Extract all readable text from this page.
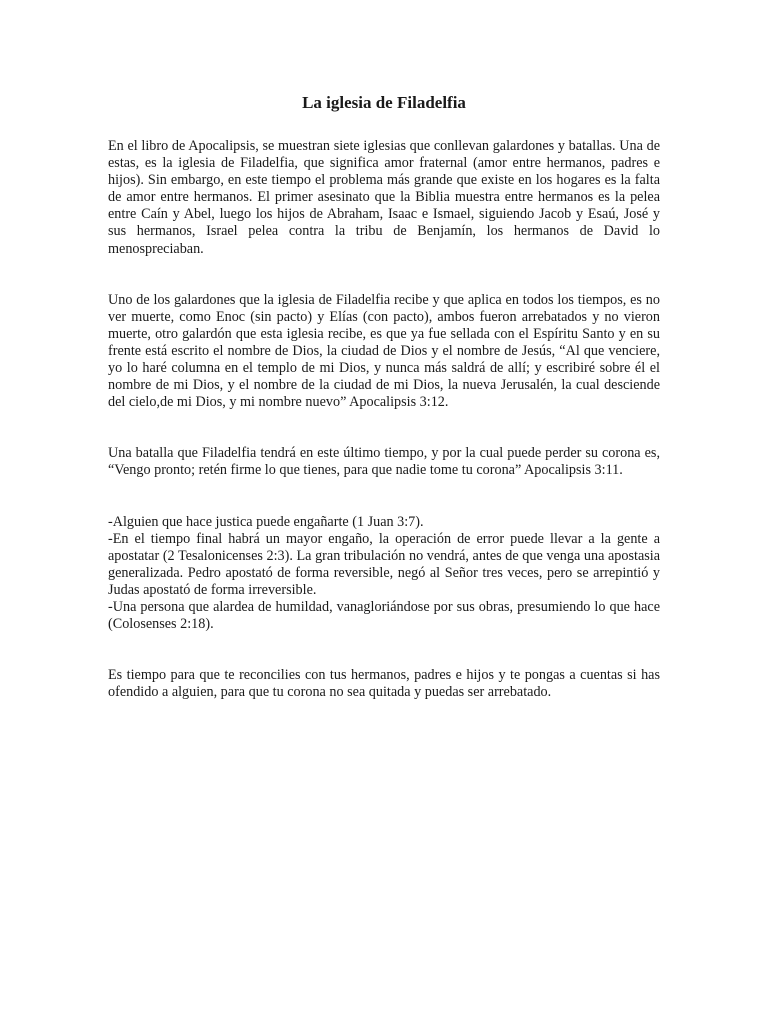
La iglesia de Filadelfia

En el libro de Apocalipsis, se muestran siete iglesias que conllevan galardones y batallas. Una de estas, es la iglesia de Filadelfia, que significa amor fraternal (amor entre hermanos, padres e hijos). Sin embargo, en este tiempo el problema más grande que existe en los hogares es la falta de amor entre hermanos. El primer asesinato que la Biblia muestra entre hermanos es la pelea entre Caín y Abel, luego los hijos de Abraham, Isaac e Ismael, siguiendo Jacob y Esaú, José y sus hermanos, Israel pelea contra la tribu de Benjamín, los hermanos de David lo menospreciaban.

Uno de los galardones que la iglesia de Filadelfia recibe y que aplica en todos los tiempos, es no ver muerte, como Enoc (sin pacto) y Elías (con pacto), ambos fueron arrebatados y no vieron muerte, otro galardón que esta iglesia recibe, es que ya fue sellada con el Espíritu Santo y en su frente está escrito el nombre de Dios, la ciudad de Dios y el nombre de Jesús, “Al que venciere, yo lo haré columna en el templo de mi Dios, y nunca más saldrá de allí; y escribiré sobre él el nombre de mi Dios, y el nombre de la ciudad de mi Dios, la nueva Jerusalén, la cual desciende del cielo,de mi Dios, y mi nombre nuevo” Apocalipsis 3:12.

Una batalla que Filadelfia tendrá en este último tiempo, y por la cual puede perder su corona es, “Vengo pronto; retén firme lo que tienes, para que nadie tome tu corona” Apocalipsis 3:11.

-Alguien que hace justica puede engañarte (1 Juan 3:7).

-En el tiempo final habrá un mayor engaño, la operación de error puede llevar a la gente a apostatar (2 Tesalonicenses 2:3). La gran tribulación no vendrá, antes de que venga una apostasia generalizada. Pedro apostató de forma reversible, negó al Señor tres veces, pero se arrepintió y Judas apostató de forma irreversible.

-Una persona que alardea de humildad, vanagloriándose por sus obras, presumiendo lo que hace (Colosenses 2:18).

Es tiempo para que te reconcilies con tus hermanos, padres e hijos y te pongas a cuentas si has ofendido a alguien, para que tu corona no sea quitada y puedas ser arrebatado.
